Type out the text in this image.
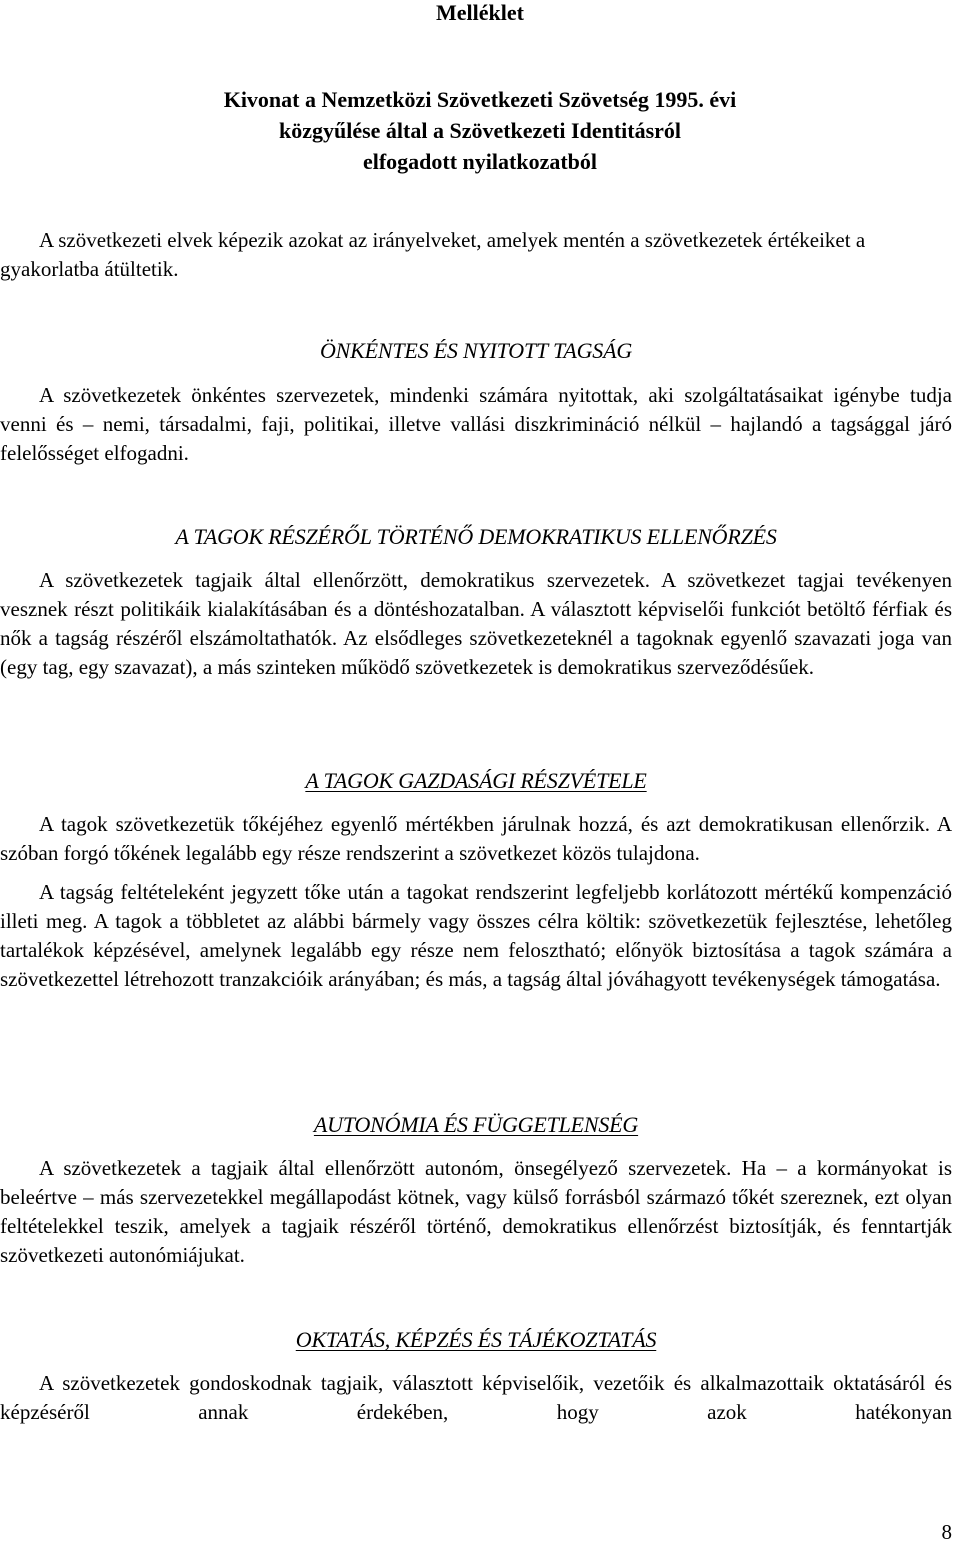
Melléklet
Kivonat a Nemzetközi Szövetkezeti Szövetség 1995. évi
közgyűlése által a Szövetkezeti Identitásról
elfogadott nyilatkozatból
A szövetkezeti elvek képezik azokat az irányelveket, amelyek mentén a szövetkezetek értékeiket a gyakorlatba átültetik.
ÖNKÉNTES ÉS NYITOTT TAGSÁG

A szövetkezetek önkéntes szervezetek, mindenki számára nyitottak, aki szolgáltatásaikat igénybe tudja venni és – nemi, társadalmi, faji, politikai, illetve vallási diszkrimináció nélkül – hajlandó a tagsággal járó felelősséget elfogadni.

A TAGOK RÉSZÉRŐL TÖRTÉNŐ DEMOKRATIKUS ELLENŐRZÉS

A szövetkezetek tagjaik által ellenőrzött, demokratikus szervezetek. A szövetkezet tagjai tevékenyen vesznek részt politikáik kialakításában és a döntéshozatalban. A választott képviselői funkciót betöltő férfiak és nők a tagság részéről elszámoltathatók. Az elsődleges szövetkezeteknél a tagoknak egyenlő szavazati joga van (egy tag, egy szavazat), a más szinteken működő szövetkezetek is demokratikus szerveződésűek.

A TAGOK GAZDASÁGI RÉSZVÉTELE

A tagok szövetkezetük tőkéjéhez egyenlő mértékben járulnak hozzá, és azt demokratikusan ellenőrzik. A szóban forgó tőkének legalább egy része rendszerint a szövetkezet közös tulajdona.

A tagság feltételeként jegyzett tőke után a tagokat rendszerint legfeljebb korlátozott mértékű kompenzáció illeti meg. A tagok a többletet az alábbi bármely vagy összes célra költik: szövetkezetük fejlesztése, lehetőleg tartalékok képzésével, amelynek legalább egy része nem felosztható; előnyök biztosítása a tagok számára a szövetkezettel létrehozott tranzakcióik arányában; és más, a tagság által jóváhagyott tevékenységek támogatása.

AUTONÓMIA ÉS FÜGGETLENSÉG

A szövetkezetek a tagjaik által ellenőrzött autonóm, önsegélyező szervezetek. Ha – a kormányokat is beleértve – más szervezetekkel megállapodást kötnek, vagy külső forrásból származó tőkét szereznek, ezt olyan feltételekkel teszik, amelyek a tagjaik részéről történő, demokratikus ellenőrzést biztosítják, és fenntartják szövetkezeti autonómiájukat.

OKTATÁS, KÉPZÉS ÉS TÁJÉKOZTATÁS

A szövetkezetek gondoskodnak tagjaik, választott képviselőik, vezetőik és alkalmazottaik oktatásáról és képzéséről annak érdekében, hogy azok hatékonyan

8
